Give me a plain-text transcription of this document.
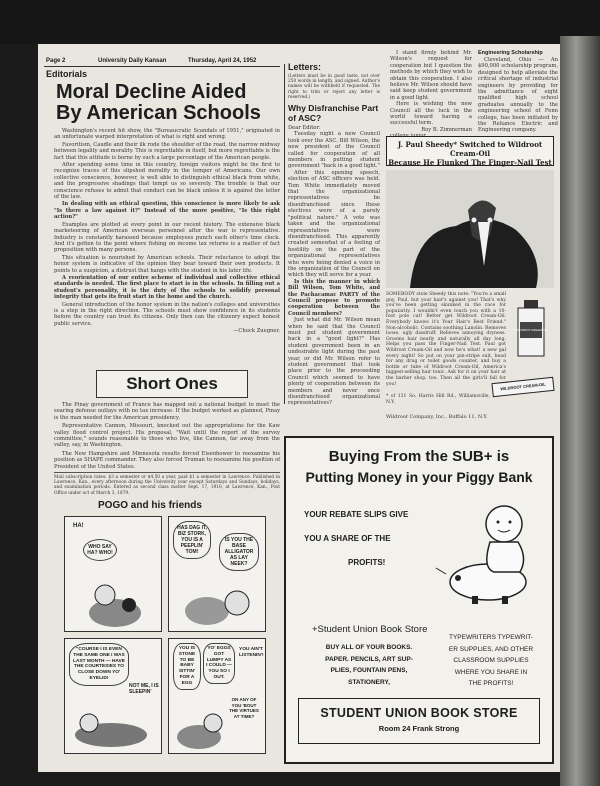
Page 2	University Daily Kansan	Thursday, April 24, 1952
Editorials
Moral Decline Aided
By American Schools

Washington's recent hit show, the "Bureaucratic Scandals of 1951," originated in an unfortunate warped interpretation of what is right and wrong.

Favoritism, Caudle and their ilk rode the shoulder of the road, the narrow midway between legality and morality. This is regrettable in itself, but more regrettable is the fact that this attitude is borne by such a large percentage of the American people.

After spending some time in this country, foreign visitors might be the first to recognize traces of this slipshod morality in the temper of Americans. Our own collective conscience, however, is well able to distinguish ethical black from white, and the progressive shadings that tempt us so severely. The trouble is that our conscience refuses to admit that conduct can be black unless it is against the letter of the law.

In dealing with an ethical question, this conscience is more likely to ask "Is there a law against it?" Instead of the more positive, "Is this right action?"

Examples are plotted at every point in our recent history. The extensive black marketeering of American overseas personnel after the war is representative. Industry is constantly harassed because employees punch each other's time clock. And it's gotten to the point where fishing on income tax returns is a matter of fact proposition with many persons.

This situation is nourished by American schools. Their reluctance to adopt the honor system is indicative of the opinion they bear toward their own products. It points to a suspicion, a distrust that hangs with the student in his later life.

A reorientation of our entire scheme of individual and collective ethical standards is needed. The first place to start is in the schools. In filling out a student's personality, it is the duty of the schools to solidify personal integrity that gets its fruit start in the home and the church.

General introduction of the honor system in the nation's colleges and universities is a step in the right direction. The schools must show confidence in its students before the country can trust its citizens. Only then can the citizenry expect honest public service.

—Chuck Zuegner.

Short Ones

The Pinay government of France has mapped out a national budget to meet the soaring defense outlays with no tax increase. If the budget worked as planned, Pinay is the man needed for the American presidency.

Representative Cannon, Missouri, knocked out the appropriations for the Kaw valley flood control project. His proposal, "Wait until the report of the survey committee," sounds reasonable to those who live, like Cannon, far away from the valley, say, in Washington.

The New Hampshire and Minnesota results forced Eisenhower to reexamine his position as SHAPE commander. They also forced Truman to reexamine his position of President of the United States.

Mail subscription rates: $3 a semester or $4.50 a year, paid $1 a semester in Lawrence. Published in Lawrence, Kan., every afternoon during the University year except Saturdays and Sundays, holidays, and examination periods. Entered as second class matter Sept. 17, 1910, at Lawrence, Kan., Post Office under act of March 3, 1879.

POGO and his friends
HA!
WHO SAY HA? WHO!
HAS DAG IT, BIZ STORK, YOU IS A PEEPLIN' TOM!
IS YOU THE BASE ALLIGATOR AS LAY NEEK?
"COURSE I IS EVEN THE SAME ONE I WAS LAST MONTH — HAVE THE COURTESIES TO CLOSE DOWN YO' EYELID!
NOT ME, I IS SLEEPIN'
YOU IS STONE TO BE BABY SITTIN' FOR A EGG
YO' EGGS GOT LUMPY AS I COULD — YOU SO I OUT.
YOU AIN'T LISTENIN'!
ON ANY OF YOU 'BOUT THE VIRTUES AT TIME?
Letters:

(Letters must be in good taste, not over 250 words in length, and signed. Author's names will be withheld if requested. The right to trim or reject any letter is reserved.)

Why Disfranchise Part of ASC?

Dear Editor:

Tuesday night a new Council took over the ASC. Bill Wilson, the new president of the Council called for cooperation of all members in putting student government "back in a good light."

After this opening speech, election of ASC officers was held. Tom White immediately moved that the organizational representatives be disenfranchised since these electives were of a purely "political nature." A vote was taken and the organizational representatives were disenfranchised. This apparently created somewhat of a feeling of hostility on the part of the organizational representatives who were being denied a voice in the organization of the Council on which they will serve for a year.

Is this the manner in which Bill Wilson, Tom White, and the Pachacamac PARTY of the Council propose to promote cooperation between the Council members?

Just what did Mr. Wilson mean when he said that the Council must put student government back in a "good light?" Has student government been in an undesirable light during the past year, or did Mr. Wilson refer to student government that took place prior to the proceeding Council which seemed to have plenty of cooperation between its members and never once disenfranchised organizational representatives?

I stand firmly behind Mr. Wilson's request for cooperation but I question the methods by which they wish to obtain this cooperation. I also believe Mr. Wilson should have said keep student government in a good light.

Here is wishing the new Council all the luck in the world toward having a successful term.

Roy B. Zimmerman

Engineering Scholarship

Cleveland, Ohio — An $90,000 scholarship program, designed to help alleviate the critical shortage of industrial engineers by providing for the admittance of eight qualified high school graduates annually to the engineering school of Fenn college, has been initiated by the Reliance Electric and Engineering company.

J. Paul Sheedy* Switched to Wildroot Cream-Oil
Because He Flunked The Finger-Nail Test

SOMEBODY stole Sheedy this note: "You're a small guy, Paul, but your hair's against you! That's why you've been getting skunked in the race for popularity. I wouldn't even touch you with a 10-foot pole cat! Better get Wildroot Cream-Oil. Everybody knows it's Your Hair's Best Friend." Non-alcoholic. Contains soothing Lanolin. Removes loose, ugly dandruff. Relieves annoying dryness. Grooms hair neatly and naturally all day long. Helps you pass the Finger-Nail Test. Paul got Wildroot Cream-Oil and now he's what! a new gal every night! So put on your pin-stripe suit, head for any drug or toilet goods counter, and buy a bottle or tube of Wildroot Cream-Oil, America's biggest-selling hair tonic. Ask for it on your hair at the barber shop, too. Then all the girls'll fall for you!

WILDROOT CREAM-OIL

* of 131 So. Harris Hill Rd., Williamsville, N.Y.

WILDROOT CREAM-OIL

Wildroot Company, Inc., Buffalo 11, N.Y.

Buying From the SUB+ is
Putting Money in your Piggy Bank
YOUR REBATE SLIPS GIVE
YOU A SHARE OF THE
PROFITS!
+Student Union Book Store
BUY ALL OF YOUR BOOKS.
PAPER. PENCILS, ART SUP-
PLIES, FOUNTAIN PENS,
STATIONERY,
TYPEWRITERS TYPEWRIT-
ER SUPPLIES, AND OTHER
CLASSROOM SUPPLIES
WHERE YOU SHARE IN
THE PROFITS!
STUDENT UNION BOOK STORE
Room 24 Frank Strong
